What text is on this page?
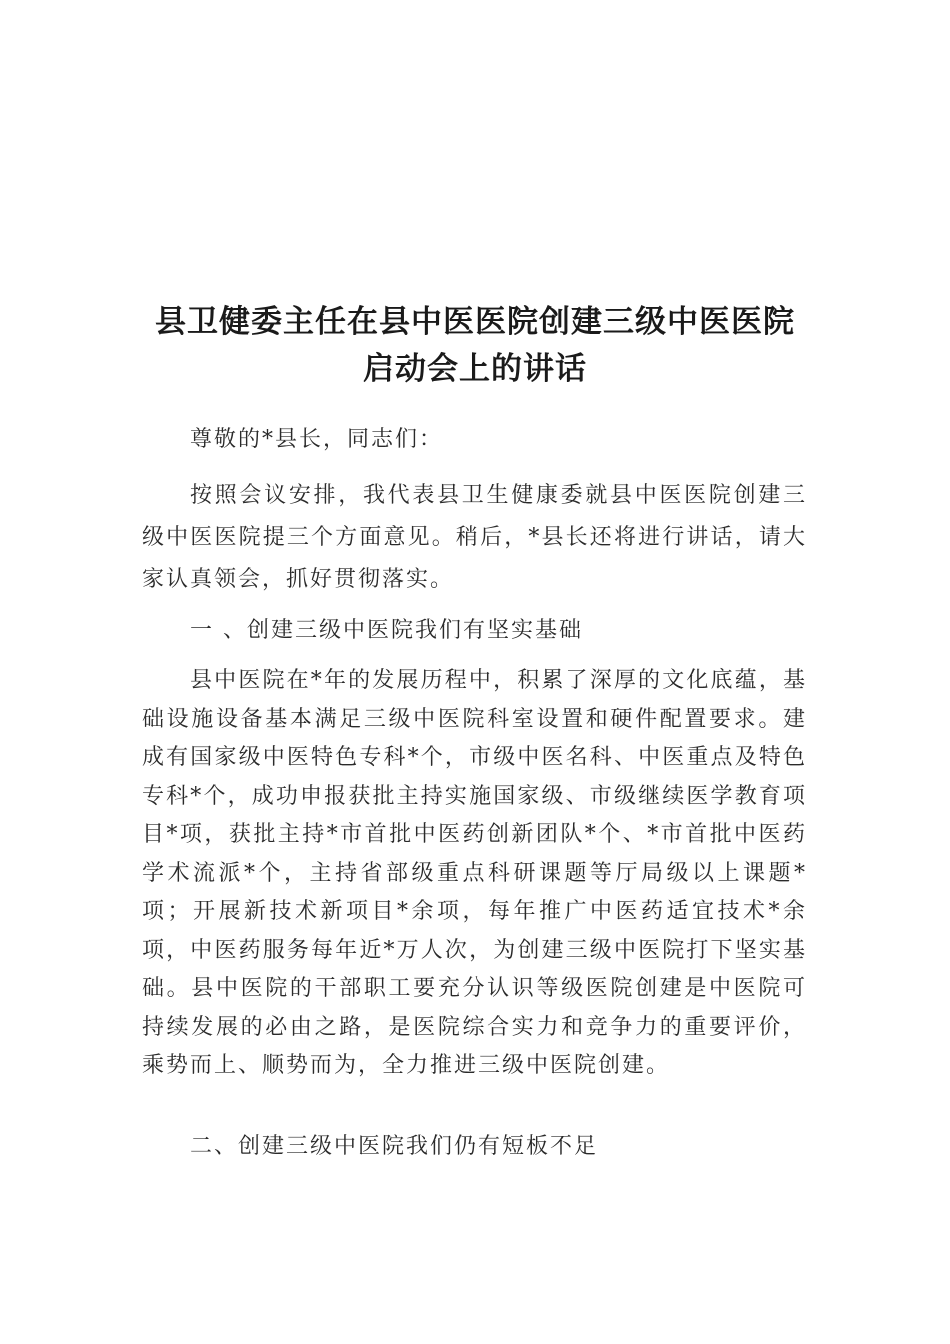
县卫健委主任在县中医医院创建三级中医医院
启动会上的讲话
尊敬的*县长，同志们：
按照会议安排，我代表县卫生健康委就县中医医院创建三级中医医院提三个方面意见。稍后，*县长还将进行讲话，请大家认真领会，抓好贯彻落实。
一 、创建三级中医院我们有坚实基础
县中医院在*年的发展历程中，积累了深厚的文化底蕴，基础设施设备基本满足三级中医院科室设置和硬件配置要求。建成有国家级中医特色专科*个，市级中医名科、中医重点及特色专科*个，成功申报获批主持实施国家级、市级继续医学教育项目*项，获批主持*市首批中医药创新团队*个、*市首批中医药学术流派*个，主持省部级重点科研课题等厅局级以上课题*项；开展新技术新项目*余项，每年推广中医药适宜技术*余项，中医药服务每年近*万人次，为创建三级中医院打下坚实基础。县中医院的干部职工要充分认识等级医院创建是中医院可持续发展的必由之路，是医院综合实力和竞争力的重要评价，乘势而上、顺势而为，全力推进三级中医院创建。
二、创建三级中医院我们仍有短板不足
